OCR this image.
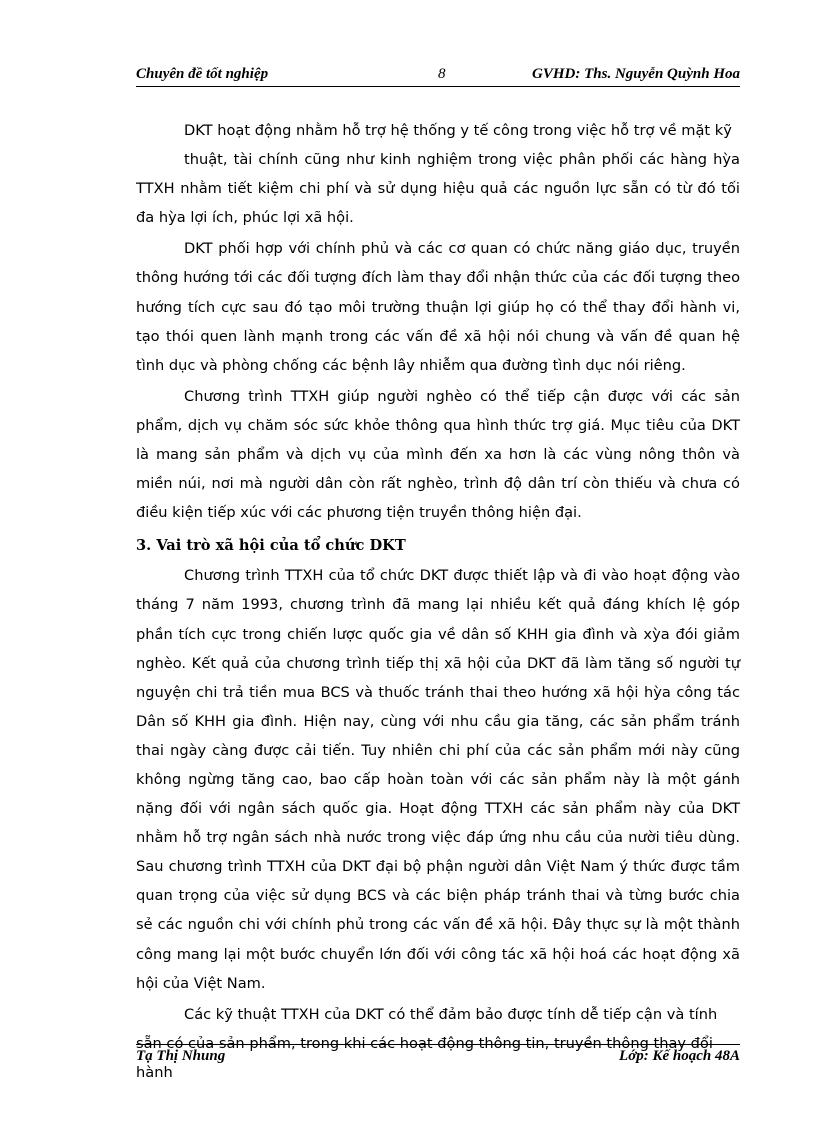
Chuyên đề tốt nghiệp	8	GVHD: Ths. Nguyễn Quỳnh Hoa

DKT hoạt động nhằm hỗ trợ hệ thống y tế công trong việc hỗ trợ về mặt kỹ

thuật, tài chính cũng như kinh nghiệm trong việc phân phối các hàng hỳa TTXH nhằm tiết kiệm chi phí và sử dụng hiệu quả các nguồn lực sẵn có từ đó tối đa hỳa lợi ích, phúc lợi xã hội.

DKT phối hợp với chính phủ và các cơ quan có chức năng giáo dục, truyền thông hướng tới các đối tượng đích làm thay đổi nhận thức của các đối tượng theo hướng tích cực sau đó tạo môi trường thuận lợi giúp họ có thể thay đổi hành vi, tạo thói quen lành mạnh trong các vấn đề xã hội nói chung và vấn đề quan hệ tình dục và phòng chống các bệnh lây nhiễm qua đường tình dục nói riêng.

Chương trình TTXH giúp người nghèo có thể tiếp cận được với các sản phẩm, dịch vụ chăm sóc sức khỏe thông qua hình thức trợ giá. Mục tiêu của DKT là mang sản phẩm và dịch vụ của mình đến xa hơn là các vùng nông thôn và miền núi, nơi mà người dân còn rất nghèo, trình độ dân trí còn thiếu và chưa có điều kiện tiếp xúc với các phương tiện truyền thông hiện đại.

3. Vai trò xã hội của tổ chức DKT

Chương trình TTXH của tổ chức DKT được thiết lập và đi vào hoạt động vào tháng 7 năm 1993, chương trình đã mang lại nhiều kết quả đáng khích lệ góp phần tích cực trong chiến lược quốc gia về dân số KHH gia đình và xỳa đói giảm nghèo. Kết quả của chương trình tiếp thị xã hội của DKT đã làm tăng số người tự nguyện chi trả tiền mua BCS và thuốc tránh thai theo hướng xã hội hỳa công tác Dân số KHH gia đình. Hiện nay, cùng với nhu cầu gia tăng, các sản phẩm tránh thai ngày càng được cải tiến. Tuy nhiên chi phí của các sản phẩm mới này cũng không ngừng tăng cao, bao cấp hoàn toàn với các sản phẩm này là một gánh nặng đối với ngân sách quốc gia. Hoạt động TTXH các sản phẩm này của DKT nhằm hỗ trợ ngân sách nhà nước trong việc đáp ứng nhu cầu của nười tiêu dùng. Sau chương trình TTXH của DKT đại bộ phận người dân Việt Nam ý thức được tầm quan trọng của việc sử dụng BCS và các biện pháp tránh thai và từng bước chia sẻ các nguồn chi với chính phủ trong các vấn đề xã hội. Đây thực sự là một thành công mang lại một bước chuyển lớn đối với công tác xã hội hoá các hoạt động xã hội của Việt Nam.

Các kỹ thuật TTXH của DKT có thể đảm bảo được tính dễ tiếp cận và tính sẵn có của sản phẩm, trong khi các hoạt động thông tin, truyền thông thay đổi hành

Tạ Thị Nhung	Lớp: Kế hoạch 48A
